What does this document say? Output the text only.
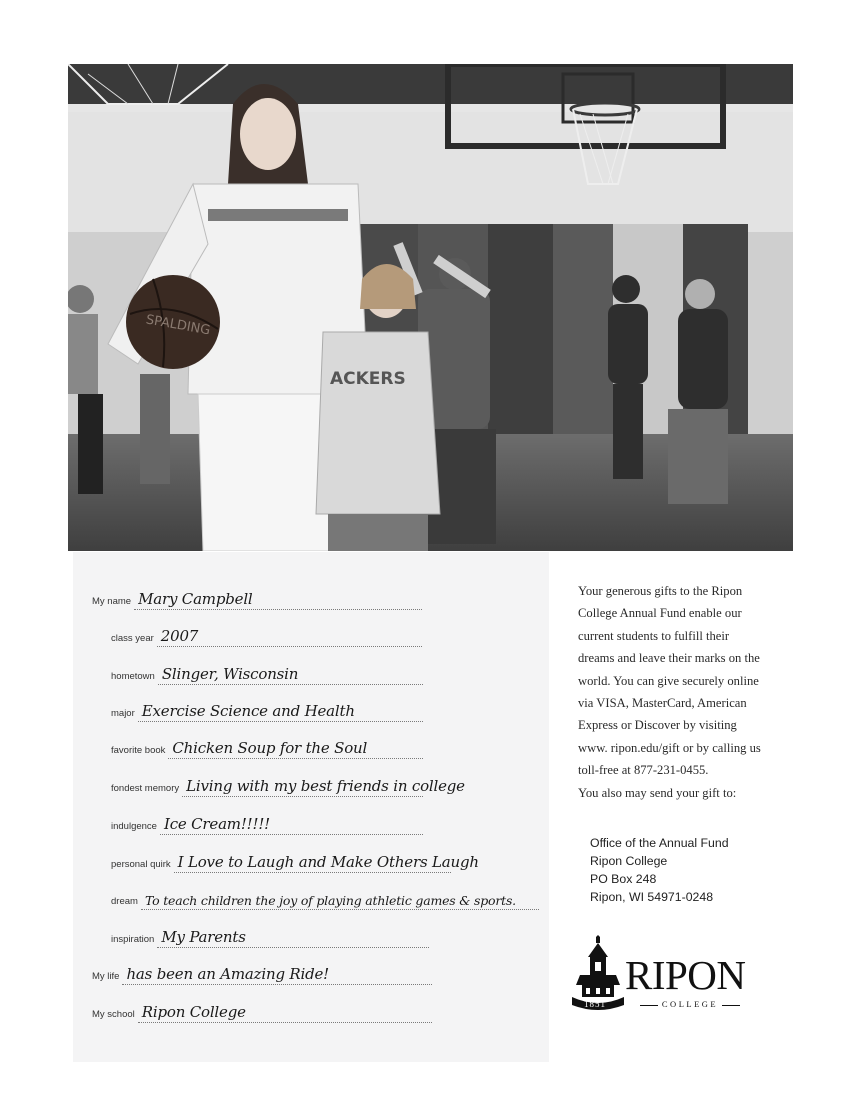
SPALDING
ACKERS
My name Mary Campbell
class year 2007
hometown Slinger, Wisconsin
major Exercise Science and Health
favorite book Chicken Soup for the Soul
fondest memory Living with my best friends in college
indulgence Ice Cream!!!!!
personal quirk I Love to Laugh and Make Others Laugh
dream To teach children the joy of playing athletic games & sports.
inspiration My Parents
My life has been an Amazing Ride!
My school Ripon College

Your generous gifts to the Ripon College Annual Fund enable our current students to fulfill their dreams and leave their marks on the world. You can give securely online via VISA, MasterCard, American Express or Discover by visiting www. ripon.edu/gift or by calling us toll-free at 877-231-0455.

You also may send your gift to:

Office of the Annual Fund
Ripon College
PO Box 248
Ripon, WI 54971-0248
1851
RIPON
COLLEGE
